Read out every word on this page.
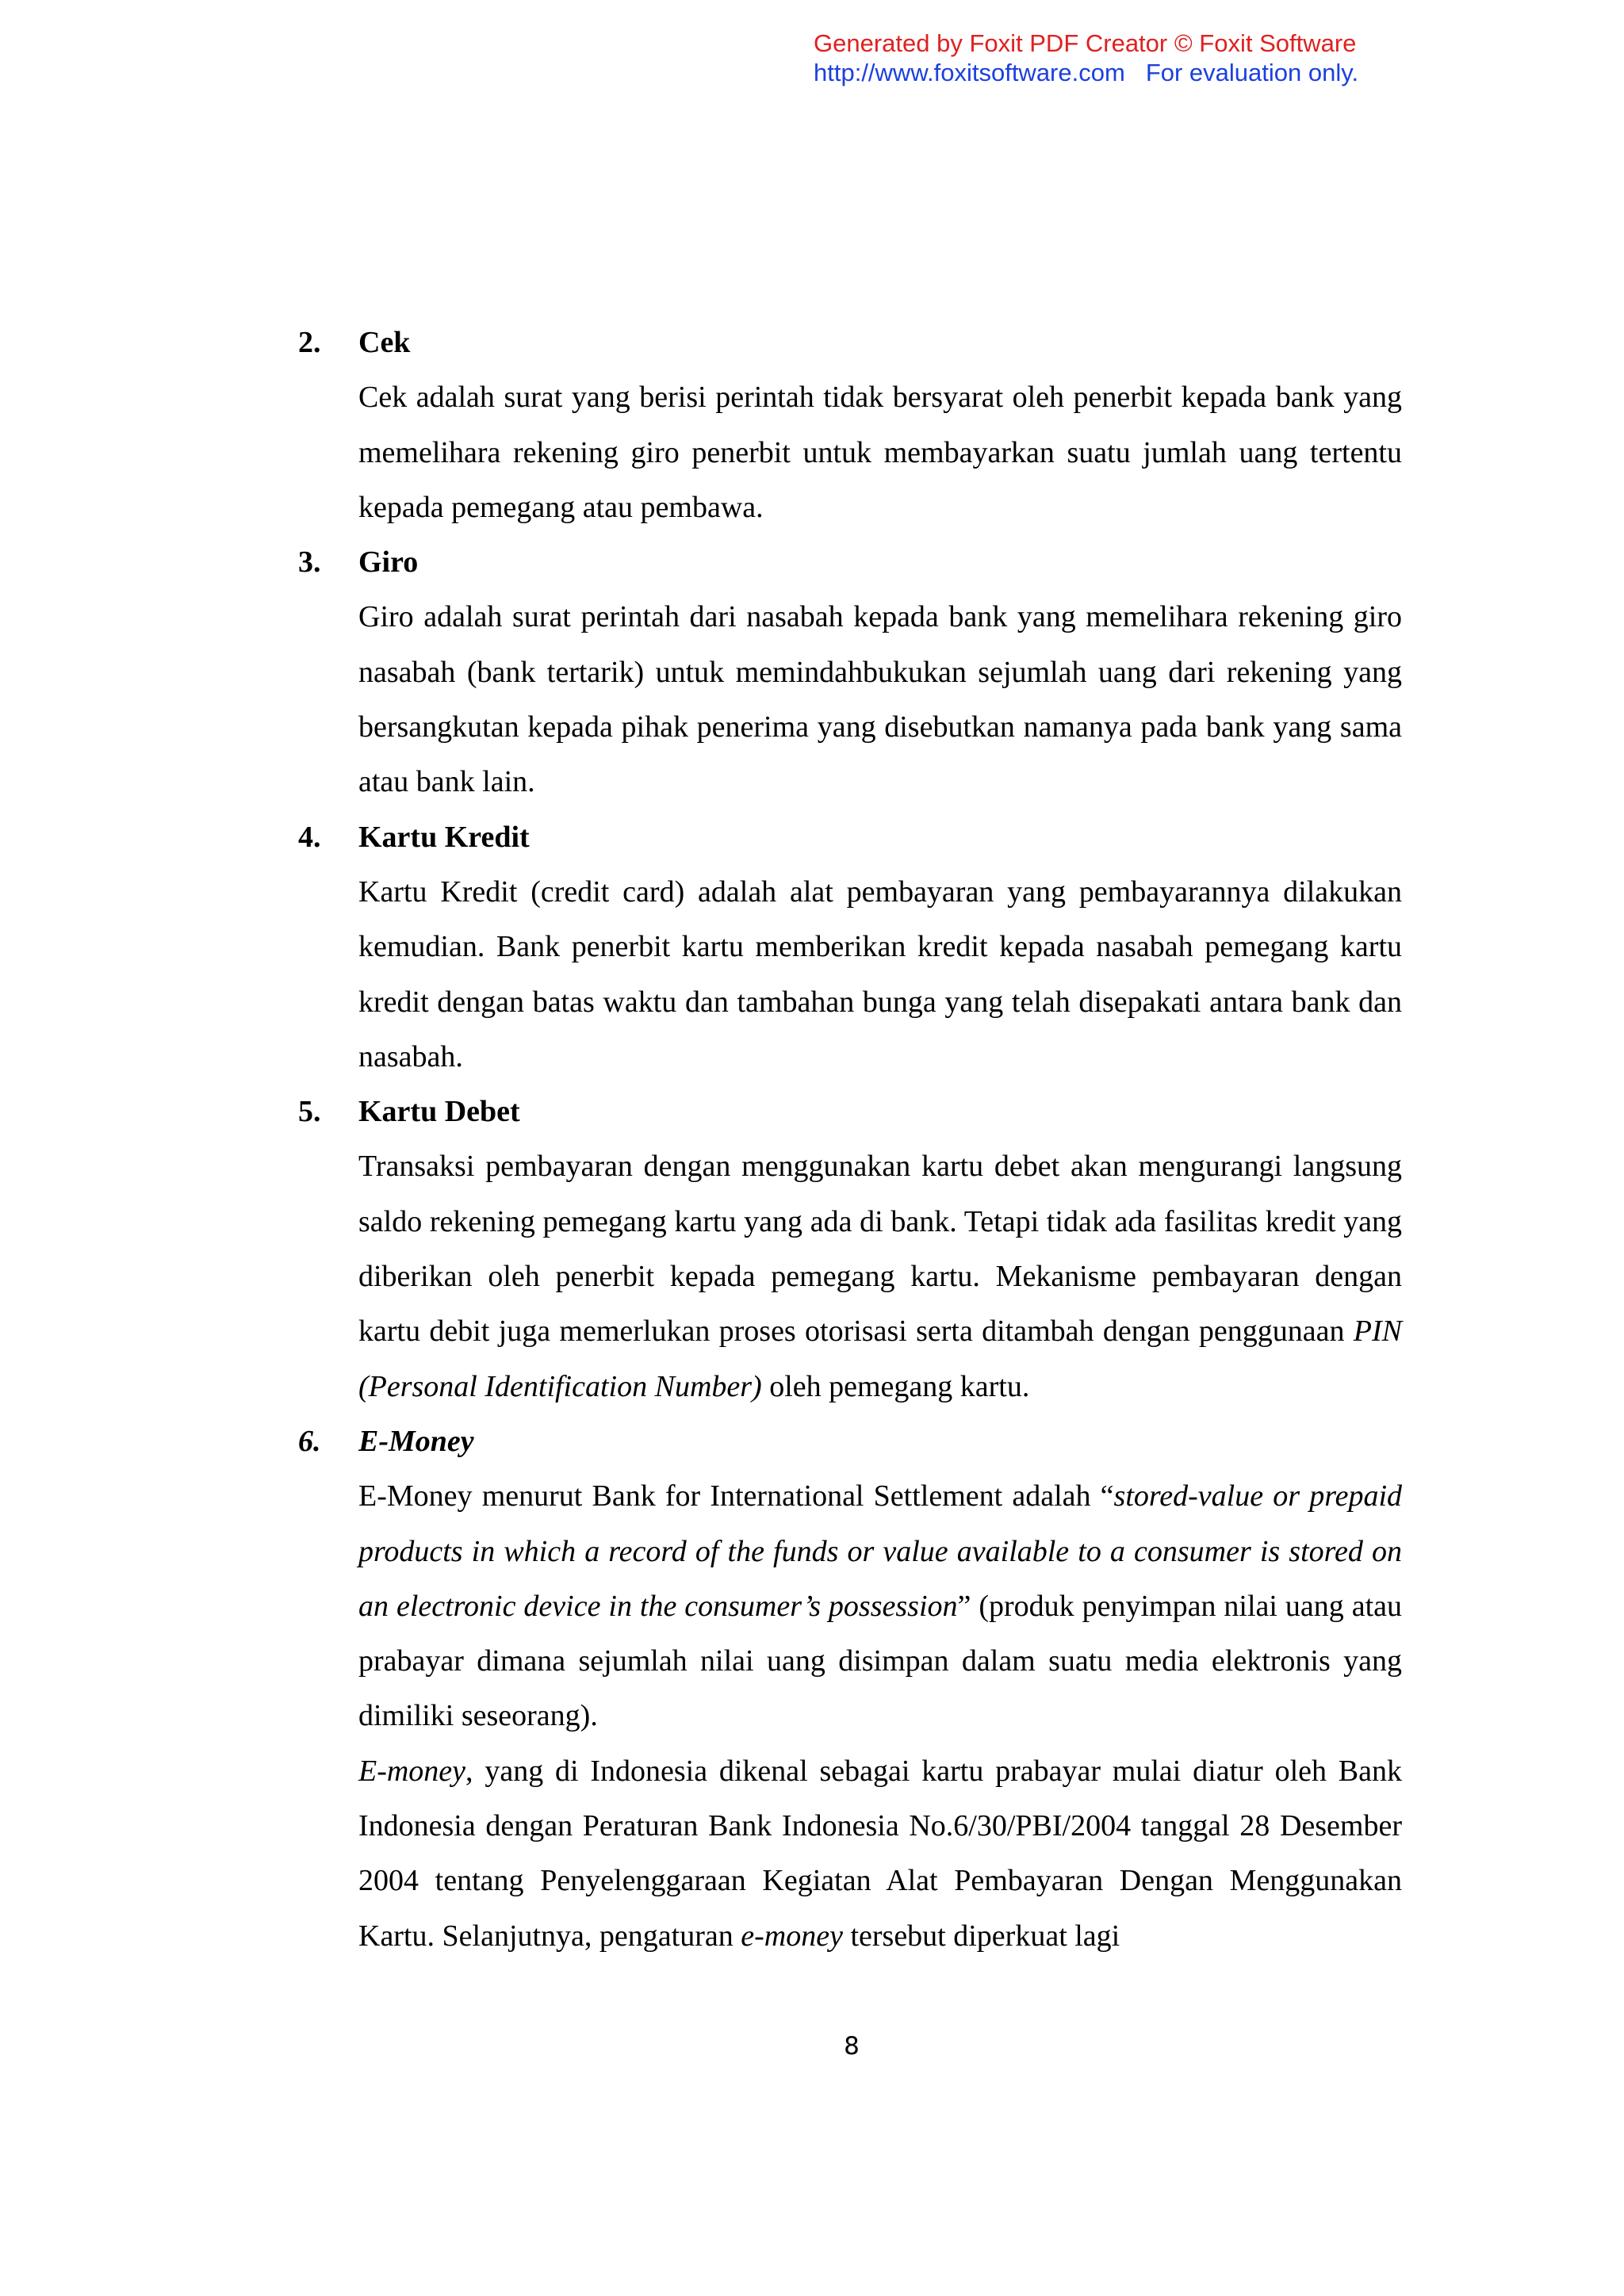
Generated by Foxit PDF Creator © Foxit Software
http://www.foxitsoftware.com For evaluation only.
2.	Cek

Cek adalah surat yang berisi perintah tidak bersyarat oleh penerbit kepada bank yang memelihara rekening giro penerbit untuk membayarkan suatu jumlah uang tertentu kepada pemegang atau pembawa.

3.	Giro

Giro adalah surat perintah dari nasabah kepada bank yang memelihara rekening giro nasabah (bank tertarik) untuk memindahbukukan sejumlah uang dari rekening yang bersangkutan kepada pihak penerima yang disebutkan namanya pada bank yang sama atau bank lain.

4.	Kartu Kredit

Kartu Kredit (credit card) adalah alat pembayaran yang pembayarannya dilakukan kemudian. Bank penerbit kartu memberikan kredit kepada nasabah pemegang kartu kredit dengan batas waktu dan tambahan bunga yang telah disepakati antara bank dan nasabah.

5.	Kartu Debet

Transaksi pembayaran dengan menggunakan kartu debet akan mengurangi langsung saldo rekening pemegang kartu yang ada di bank. Tetapi tidak ada fasilitas kredit yang diberikan oleh penerbit kepada pemegang kartu. Mekanisme pembayaran dengan kartu debit juga memerlukan proses otorisasi serta ditambah dengan penggunaan PIN (Personal Identification Number) oleh pemegang kartu.

6.	E-Money

E-Money menurut Bank for International Settlement adalah “stored-value or prepaid products in which a record of the funds or value available to a consumer is stored on an electronic device in the consumer’s possession” (produk penyimpan nilai uang atau prabayar dimana sejumlah nilai uang disimpan dalam suatu media elektronis yang dimiliki seseorang).

E-money, yang di Indonesia dikenal sebagai kartu prabayar mulai diatur oleh Bank Indonesia dengan Peraturan Bank Indonesia No.6/30/PBI/2004 tanggal 28 Desember 2004 tentang Penyelenggaraan Kegiatan Alat Pembayaran Dengan Menggunakan Kartu. Selanjutnya, pengaturan e-money tersebut diperkuat lagi

8
